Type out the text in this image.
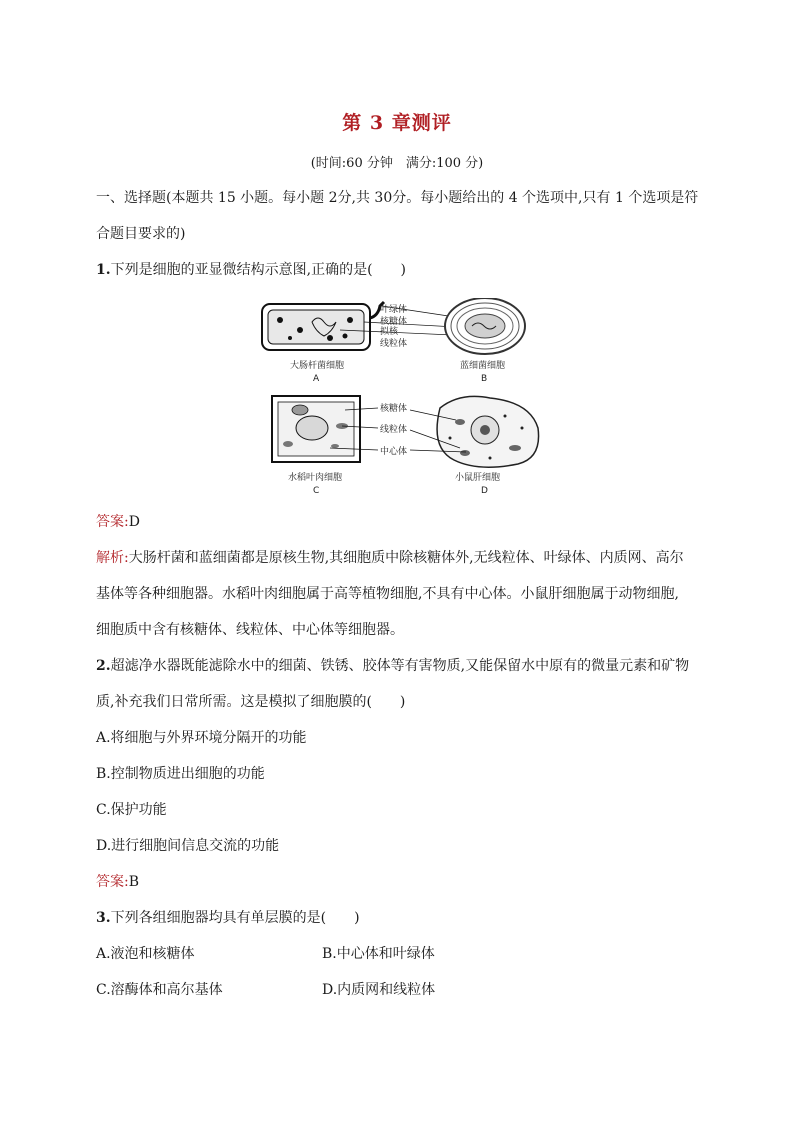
第 3 章测评
(时间:60 分钟　满分:100 分)
一、选择题(本题共 15 小题。每小题 2分,共 30分。每小题给出的 4 个选项中,只有 1 个选项是符
合题目要求的)
1.下列是细胞的亚显微结构示意图,正确的是(　　)
叶绿体
核糖体
拟核
线粒体
大肠杆菌细胞
A
蓝细菌细胞
B
核糖体
线粒体
中心体
水稻叶肉细胞
C
小鼠肝细胞
D
答案:D
解析:大肠杆菌和蓝细菌都是原核生物,其细胞质中除核糖体外,无线粒体、叶绿体、内质网、高尔
基体等各种细胞器。水稻叶肉细胞属于高等植物细胞,不具有中心体。小鼠肝细胞属于动物细胞,
细胞质中含有核糖体、线粒体、中心体等细胞器。
2.超滤净水器既能滤除水中的细菌、铁锈、胶体等有害物质,又能保留水中原有的微量元素和矿物
质,补充我们日常所需。这是模拟了细胞膜的(　　)
A.将细胞与外界环境分隔开的功能
B.控制物质进出细胞的功能
C.保护功能
D.进行细胞间信息交流的功能
答案:B
3.下列各组细胞器均具有单层膜的是(　　)
A.液泡和核糖体	B.中心体和叶绿体
C.溶酶体和高尔基体	D.内质网和线粒体
